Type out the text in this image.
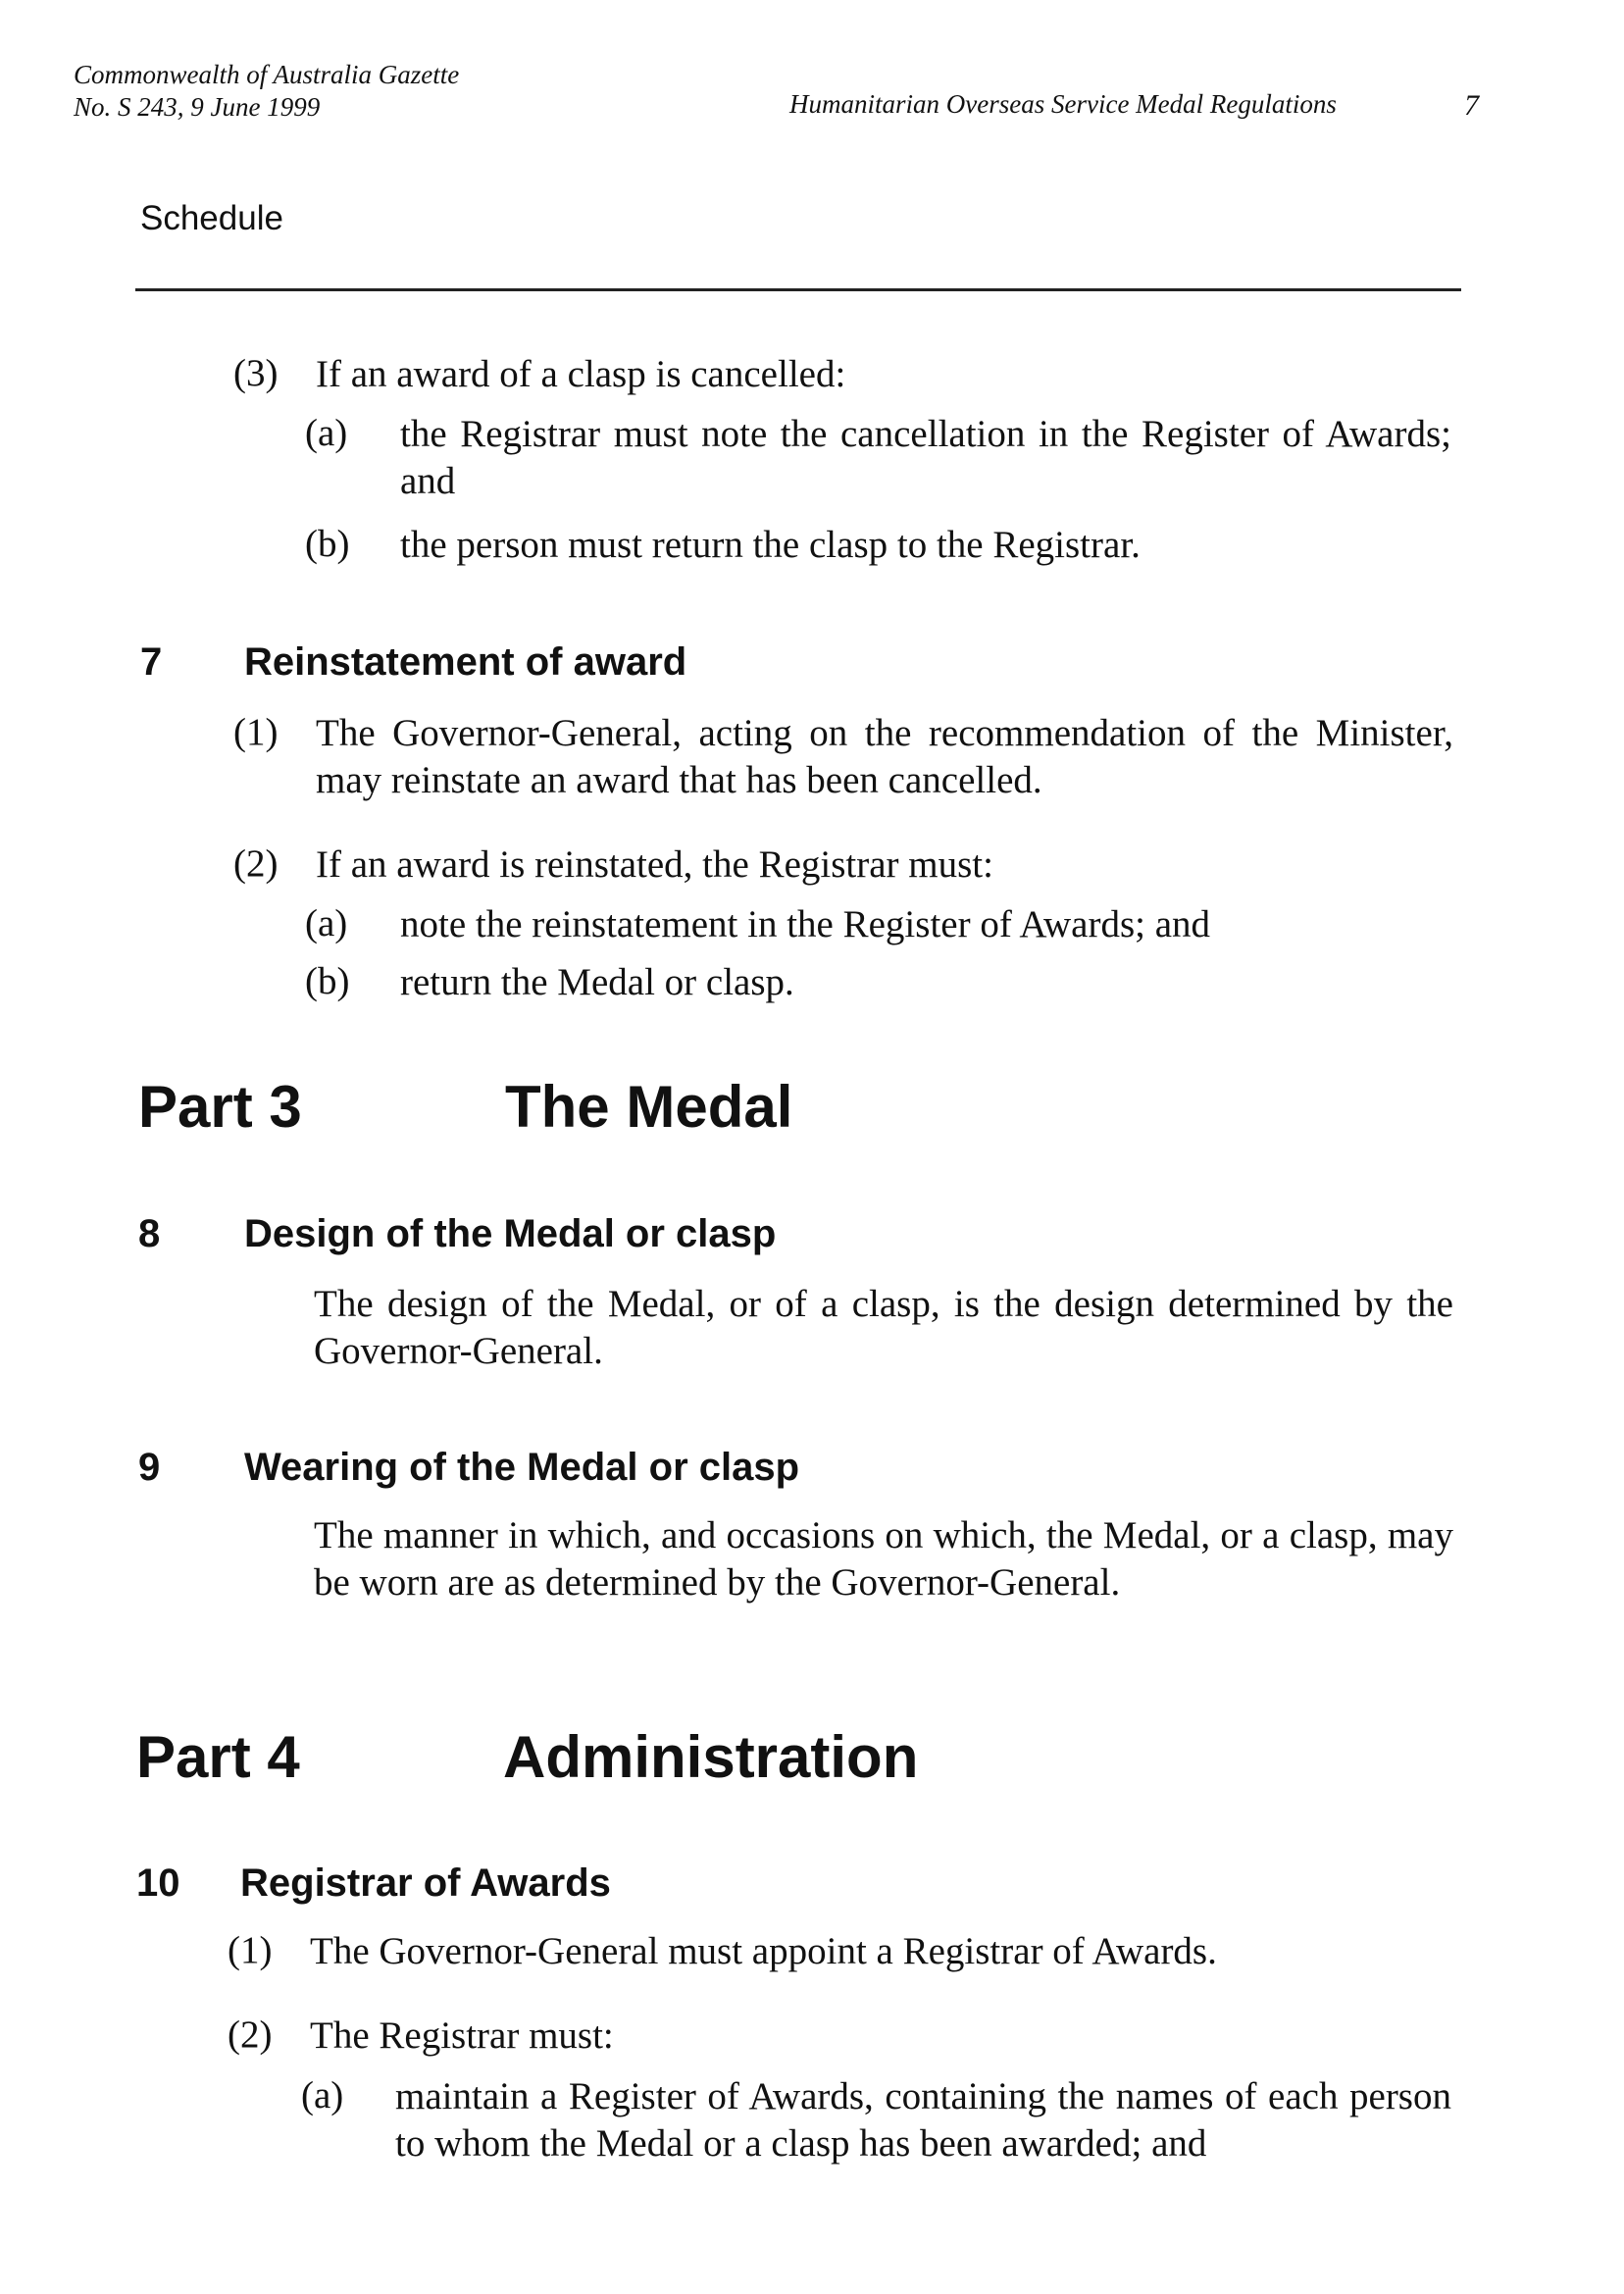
Commonwealth of Australia Gazette
No. S 243, 9 June 1999	Humanitarian Overseas Service Medal Regulations	7
Schedule
(3) If an award of a clasp is cancelled:
(a) the Registrar must note the cancellation in the Register of Awards; and
(b) the person must return the clasp to the Registrar.
7 Reinstatement of award
(1) The Governor-General, acting on the recommendation of the Minister, may reinstate an award that has been cancelled.
(2) If an award is reinstated, the Registrar must:
(a) note the reinstatement in the Register of Awards; and
(b) return the Medal or clasp.
Part 3	The Medal
8 Design of the Medal or clasp
The design of the Medal, or of a clasp, is the design determined by the Governor-General.
9 Wearing of the Medal or clasp
The manner in which, and occasions on which, the Medal, or a clasp, may be worn are as determined by the Governor-General.
Part 4	Administration
10 Registrar of Awards
(1) The Governor-General must appoint a Registrar of Awards.
(2) The Registrar must:
(a) maintain a Register of Awards, containing the names of each person to whom the Medal or a clasp has been awarded; and
